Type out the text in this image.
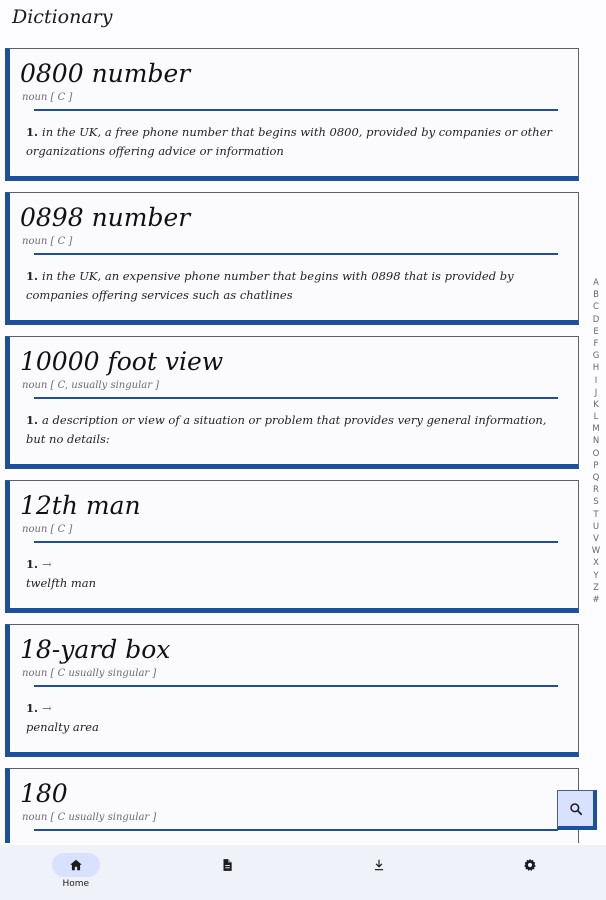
Dictionary
0800 number
noun [ C ]
1. in the UK, a free phone number that begins with 0800, provided by companies or other organizations offering advice or information
0898 number
noun [ C ]
1. in the UK, an expensive phone number that begins with 0898 that is provided by companies offering services such as chatlines
10000 foot view
noun [ C, usually singular ]
1. a description or view of a situation or problem that provides very general information, but no details:
12th man
noun [ C ]
1. →
twelfth man
18-yard box
noun [ C usually singular ]
1. →
penalty area
180
noun [ C usually singular ]
A
B
C
D
E
F
G
H
I
J
K
L
M
N
O
P
Q
R
S
T
U
V
W
X
Y
Z
#
Home
